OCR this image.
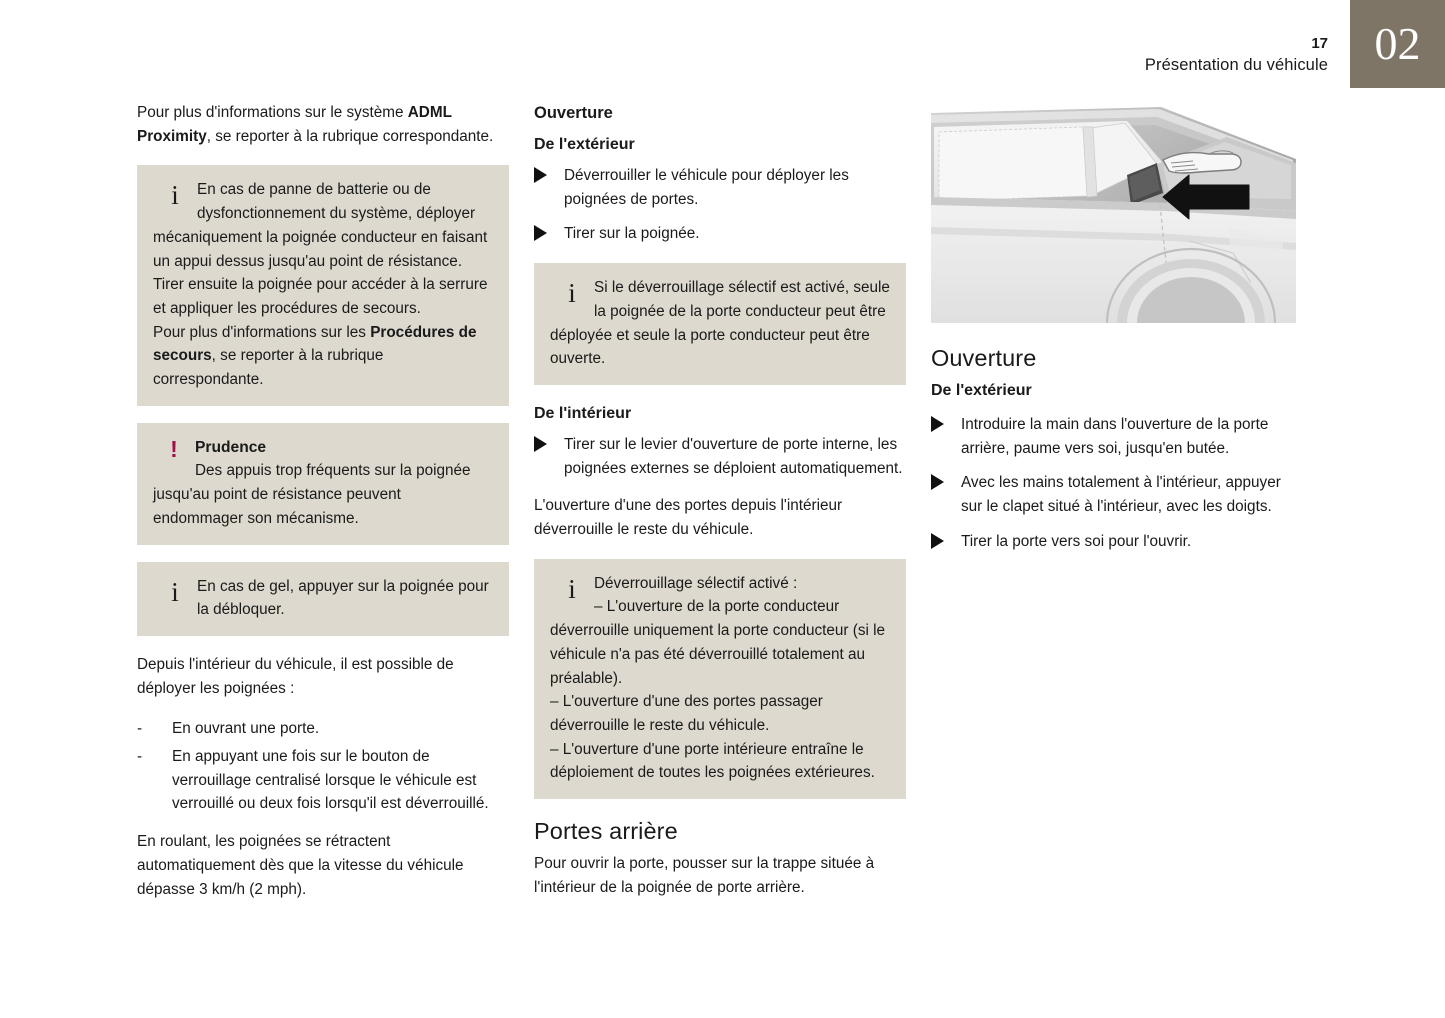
17
Présentation du véhicule	02

Pour plus d'informations sur le système ADML Proximity, se reporter à la rubrique correspondante.

i	En cas de panne de batterie ou de dysfonctionnement du système, déployer mécaniquement la poignée conducteur en faisant un appui dessus jusqu'au point de résistance. Tirer ensuite la poignée pour accéder à la serrure et appliquer les procédures de secours.
Pour plus d'informations sur les Procédures de secours, se reporter à la rubrique correspondante.

!	Prudence
Des appuis trop fréquents sur la poignée jusqu'au point de résistance peuvent endommager son mécanisme.

i	En cas de gel, appuyer sur la poignée pour la débloquer.

Depuis l'intérieur du véhicule, il est possible de déployer les poignées :

- En ouvrant une porte.
- En appuyant une fois sur le bouton de verrouillage centralisé lorsque le véhicule est verrouillé ou deux fois lorsqu'il est déverrouillé.

En roulant, les poignées se rétractent automatiquement dès que la vitesse du véhicule dépasse 3 km/h (2 mph).

Ouverture
De l'extérieur
Déverrouiller le véhicule pour déployer les poignées de portes.
Tirer sur la poignée.
i	Si le déverrouillage sélectif est activé, seule la poignée de la porte conducteur peut être déployée et seule la porte conducteur peut être ouverte.

De l'intérieur
Tirer sur le levier d'ouverture de porte interne, les poignées externes se déploient automatiquement.

L'ouverture d'une des portes depuis l'intérieur déverrouille le reste du véhicule.

i	Déverrouillage sélectif activé :
– L'ouverture de la porte conducteur déverrouille uniquement la porte conducteur (si le véhicule n'a pas été déverrouillé totalement au préalable).
– L'ouverture d'une des portes passager déverrouille le reste du véhicule.
– L'ouverture d'une porte intérieure entraîne le déploiement de toutes les poignées extérieures.

Portes arrière

Pour ouvrir la porte, pousser sur la trappe située à l'intérieur de la poignée de porte arrière.

Ouverture
De l'extérieur
Introduire la main dans l'ouverture de la porte arrière, paume vers soi, jusqu'en butée.
Avec les mains totalement à l'intérieur, appuyer sur le clapet situé à l'intérieur, avec les doigts.
Tirer la porte vers soi pour l'ouvrir.
